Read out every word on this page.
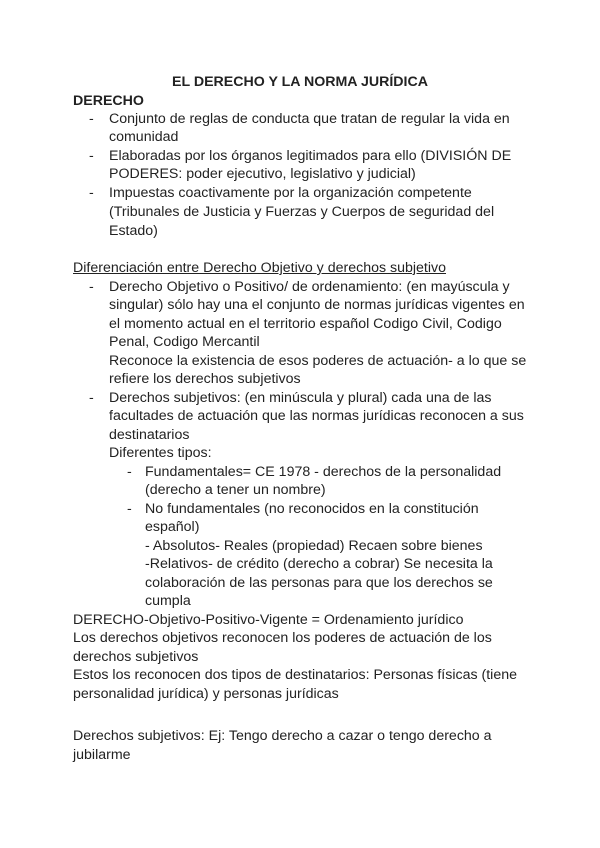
EL DERECHO Y LA NORMA JURÍDICA
DERECHO
- Conjunto de reglas de conducta que tratan de regular la vida en
comunidad
- Elaboradas por los órganos legitimados para ello (DIVISIÓN DE
PODERES: poder ejecutivo, legislativo y judicial)
- Impuestas coactivamente por la organización competente
(Tribunales de Justicia y Fuerzas y Cuerpos de seguridad del
Estado)
Diferenciación entre Derecho Objetivo y derechos subjetivo
- Derecho Objetivo o Positivo/ de ordenamiento: (en mayúscula y
singular) sólo hay una el conjunto de normas jurídicas vigentes en
el momento actual en el territorio español Codigo Civil, Codigo
Penal, Codigo Mercantil
Reconoce la existencia de esos poderes de actuación- a lo que se
refiere los derechos subjetivos
- Derechos subjetivos: (en minúscula y plural) cada una de las
facultades de actuación que las normas jurídicas reconocen a sus
destinatarios
Diferentes tipos:
- Fundamentales= CE 1978 - derechos de la personalidad
(derecho a tener un nombre)
- No fundamentales (no reconocidos en la constitución
español)
- Absolutos- Reales (propiedad) Recaen sobre bienes
-Relativos- de crédito (derecho a cobrar) Se necesita la
colaboración de las personas para que los derechos se
cumpla
DERECHO-Objetivo-Positivo-Vigente = Ordenamiento jurídico
Los derechos objetivos reconocen los poderes de actuación de los
derechos subjetivos
Estos los reconocen dos tipos de destinatarios: Personas físicas (tiene
personalidad jurídica) y personas jurídicas
Derechos subjetivos: Ej: Tengo derecho a cazar o tengo derecho a
jubilarme
